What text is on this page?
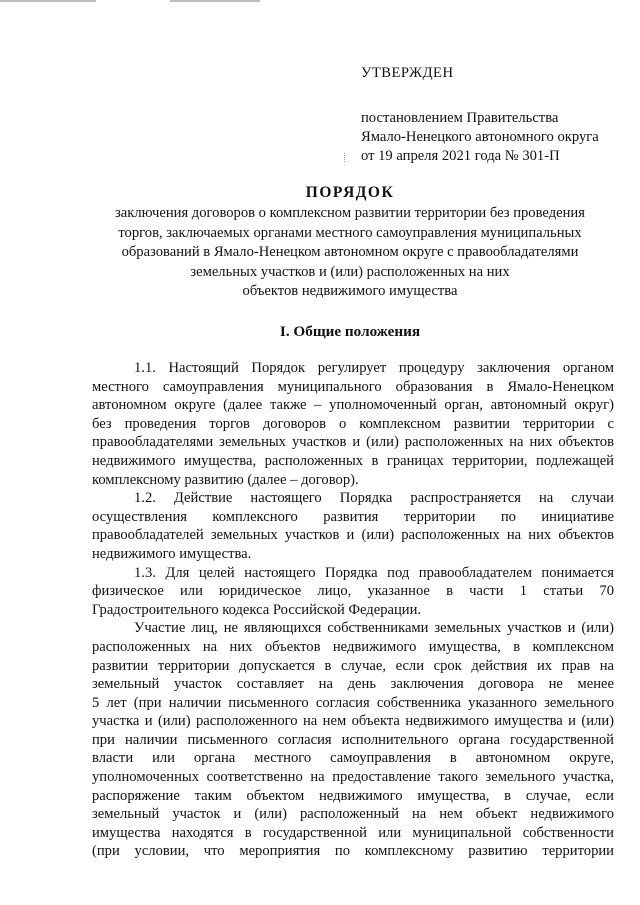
УТВЕРЖДЕН
постановлением Правительства
Ямало-Ненецкого автономного округа
от 19 апреля 2021 года № 301-П
ПОРЯДОК
заключения договоров о комплексном развитии территории без проведения
торгов, заключаемых органами местного самоуправления муниципальных
образований в Ямало-Ненецком автономном округе с правообладателями
земельных участков и (или) расположенных на них
объектов недвижимого имущества
I. Общие положения
1.1. Настоящий Порядок регулирует процедуру заключения органом
местного самоуправления муниципального образования в Ямало-Ненецком
автономном округе (далее также – уполномоченный орган, автономный округ)
без проведения торгов договоров о комплексном развитии территории с
правообладателями земельных участков и (или) расположенных на них объектов
недвижимого имущества, расположенных в границах территории, подлежащей
комплексному развитию (далее – договор).
1.2. Действие настоящего Порядка распространяется на случаи
осуществления комплексного развития территории по инициативе
правообладателей земельных участков и (или) расположенных на них объектов
недвижимого имущества.
1.3. Для целей настоящего Порядка под правообладателем понимается
физическое или юридическое лицо, указанное в части 1 статьи 70
Градостроительного кодекса Российской Федерации.
Участие лиц, не являющихся собственниками земельных участков и (или)
расположенных на них объектов недвижимого имущества, в комплексном
развитии территории допускается в случае, если срок действия их прав на
земельный участок составляет на день заключения договора не менее
5 лет (при наличии письменного согласия собственника указанного земельного
участка и (или) расположенного на нем объекта недвижимого имущества и (или)
при наличии письменного согласия исполнительного органа государственной
власти или органа местного самоуправления в автономном округе,
уполномоченных соответственно на предоставление такого земельного участка,
распоряжение таким объектом недвижимого имущества, в случае, если
земельный участок и (или) расположенный на нем объект недвижимого
имущества находятся в государственной или муниципальной собственности
(при условии, что мероприятия по комплексному развитию территории
